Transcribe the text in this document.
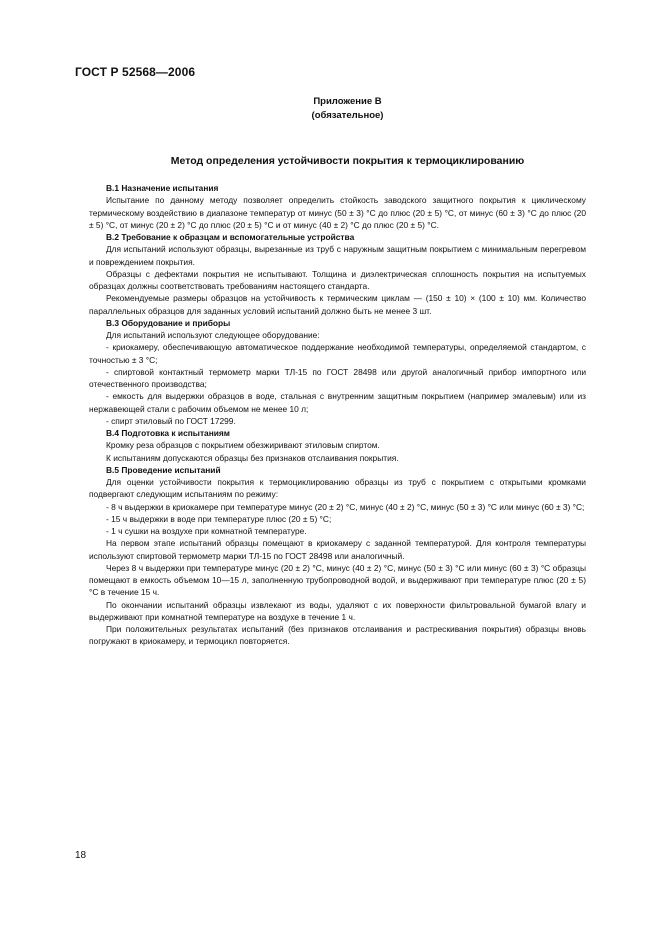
ГОСТ Р 52568—2006
Приложение В
(обязательное)
Метод определения устойчивости покрытия к термоциклированию
В.1 Назначение испытания

Испытание по данному методу позволяет определить стойкость заводского защитного покрытия к циклическому термическому воздействию в диапазоне температур от минус (50 ± 3) °С до плюс (20 ± 5) °С, от минус (60 ± 3) °С до плюс (20 ± 5) °С, от минус (20 ± 2) °С до плюс (20 ± 5) °С и от минус (40 ± 2) °С до плюс (20 ± 5) °С.

В.2 Требование к образцам и вспомогательные устройства

Для испытаний используют образцы, вырезанные из труб с наружным защитным покрытием с минимальным перегревом и повреждением покрытия.

Образцы с дефектами покрытия не испытывают. Толщина и диэлектрическая сплошность покрытия на испытуемых образцах должны соответствовать требованиям настоящего стандарта.

Рекомендуемые размеры образцов на устойчивость к термическим циклам — (150 ± 10) × (100 ± 10) мм. Количество параллельных образцов для заданных условий испытаний должно быть не менее 3 шт.

В.3 Оборудование и приборы

Для испытаний используют следующее оборудование:

- криокамеру, обеспечивающую автоматическое поддержание необходимой температуры, определяемой стандартом, с точностью ± 3 °С;

- спиртовой контактный термометр марки ТЛ-15 по ГОСТ 28498 или другой аналогичный прибор импортного или отечественного производства;

- емкость для выдержки образцов в воде, стальная с внутренним защитным покрытием (например эмалевым) или из нержавеющей стали с рабочим объемом не менее 10 л;

- спирт этиловый по ГОСТ 17299.

В.4 Подготовка к испытаниям

Кромку реза образцов с покрытием обезжиривают этиловым спиртом.

К испытаниям допускаются образцы без признаков отслаивания покрытия.

В.5 Проведение испытаний

Для оценки устойчивости покрытия к термоциклированию образцы из труб с покрытием с открытыми кромками подвергают следующим испытаниям по режиму:

- 8 ч выдержки в криокамере при температуре минус (20 ± 2) °С, минус (40 ± 2) °С, минус (50 ± 3) °С или минус (60 ± 3) °С;

- 15 ч выдержки в воде при температуре плюс (20 ± 5) °С;

- 1 ч сушки на воздухе при комнатной температуре.

На первом этапе испытаний образцы помещают в криокамеру с заданной температурой. Для контроля температуры используют спиртовой термометр марки ТЛ-15 по ГОСТ 28498 или аналогичный.

Через 8 ч выдержки при температуре минус (20 ± 2) °С, минус (40 ± 2) °С, минус (50 ± 3) °С или минус (60 ± 3) °С образцы помещают в емкость объемом 10—15 л, заполненную трубопроводной водой, и выдерживают при температуре плюс (20 ± 5) °С в течение 15 ч.

По окончании испытаний образцы извлекают из воды, удаляют с их поверхности фильтровальной бумагой влагу и выдерживают при комнатной температуре на воздухе в течение 1 ч.

При положительных результатах испытаний (без признаков отслаивания и растрескивания покрытия) образцы вновь погружают в криокамеру, и термоцикл повторяется.

18
